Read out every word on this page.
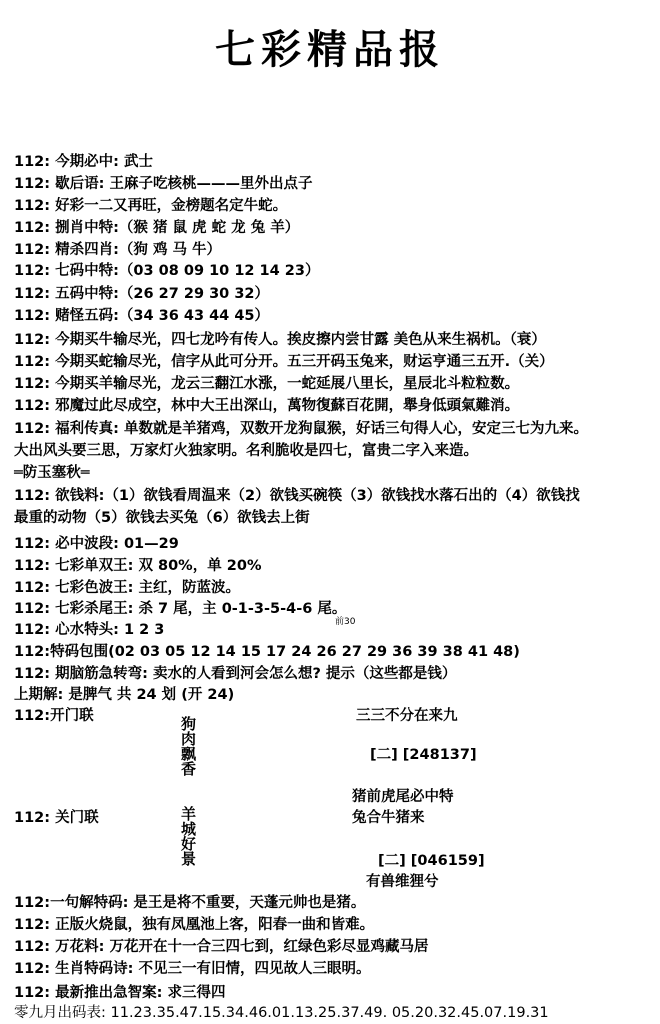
七彩精品报
112: 今期必中: 武士
112: 歇后语: 王麻子吃核桃———里外出点子
112: 好彩一二又再旺，金榜题名定牛蛇。
112: 捌肖中特:（猴 猪 鼠 虎 蛇 龙 兔 羊）
112: 精杀四肖:（狗 鸡 马 牛）
112: 七码中特:（03 08 09 10 12 14 23）
112: 五码中特:（26 27 29 30 32）
112: 赌怪五码:（34 36 43 44 45）
112: 今期买牛输尽光，四七龙吟有传人。挨皮擦内尝甘露 美色从来生祸机。（衰）
112: 今期买蛇输尽光，信字从此可分开。五三开码玉兔来，财运亨通三五开.（关）
112: 今期买羊输尽光，龙云三翻江水涨，一蛇延展八里长，星辰北斗粒粒数。
112: 邪魔过此尽成空，林中大王出深山，萬物復蘇百花開，舉身低頭氣難消。
112: 福利传真: 单数就是羊猪鸡，双数开龙狗鼠猴，好话三句得人心，安定三七为九来。
大出风头要三思，万家灯火独家明。名利脆收是四七，富贵二字入来造。
═防玉塞秋═
112: 欲钱料:（1）欲钱看周温来（2）欲钱买碗筷（3）欲钱找水落石出的（4）欲钱找
最重的动物（5）欲钱去买兔（6）欲钱去上街
112: 必中波段: 01—29
112: 七彩单双王: 双 80%，单 20%
112: 七彩色波王: 主红，防蓝波。
112: 七彩杀尾王: 杀 7 尾，主 0-1-3-5-4-6 尾。
前30
112: 心水特头: 1 2 3
112:特码包围(02 03 05 12 14 15 17 24 26 27 29 36 39 38 41 48)
112: 期脑筋急转弯: 卖水的人看到河会怎么想? 提示（这些都是钱）
上期解: 是脾气 共 24 划 (开 24)
112:开门联	狗肉飘香	三三不分在来九
[二] [248137]
猪前虎尾必中特
兔合牛猪来
112: 关门联	羊城好景	[二] [046159]
有兽维狸兮
112:一句解特码: 是王是将不重要，天蓬元帅也是猪。
112: 正版火烧鼠，独有凤凰池上客，阳春一曲和皆难。
112: 万花料: 万花开在十一合三四七到，红绿色彩尽显鸡藏马居
112: 生肖特码诗: 不见三一有旧情，四见故人三眼明。
112: 最新推出急智案: 求三得四
零九月出码表: 11.23.35.47.15.34.46.01.13.25.37.49. 05.20.32.45.07.19.31
